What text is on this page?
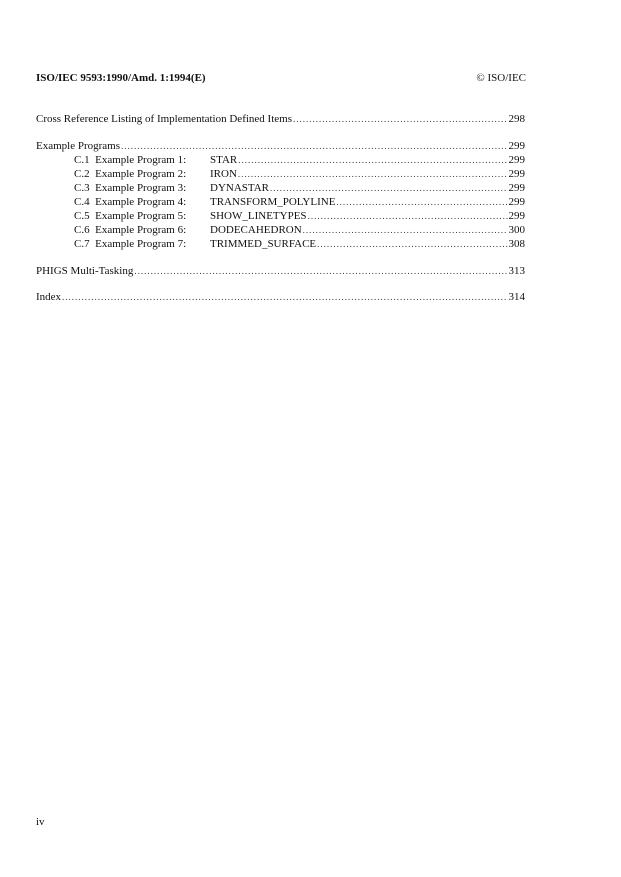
ISO/IEC 9593:1990/Amd. 1:1994(E)	© ISO/IEC
Cross Reference Listing of Implementation Defined Items .....	298
Example Programs .....	299
C.1 Example Program 1: STAR .....	299
C.2 Example Program 2: IRON .....	299
C.3 Example Program 3: DYNASTAR .....	299
C.4 Example Program 4: TRANSFORM_POLYLINE .....	299
C.5 Example Program 5: SHOW_LINETYPES .....	299
C.6 Example Program 6: DODECAHEDRON .....	300
C.7 Example Program 7: TRIMMED_SURFACE .....	308
PHIGS Multi-Tasking .....	313
Index .....	314
iv
